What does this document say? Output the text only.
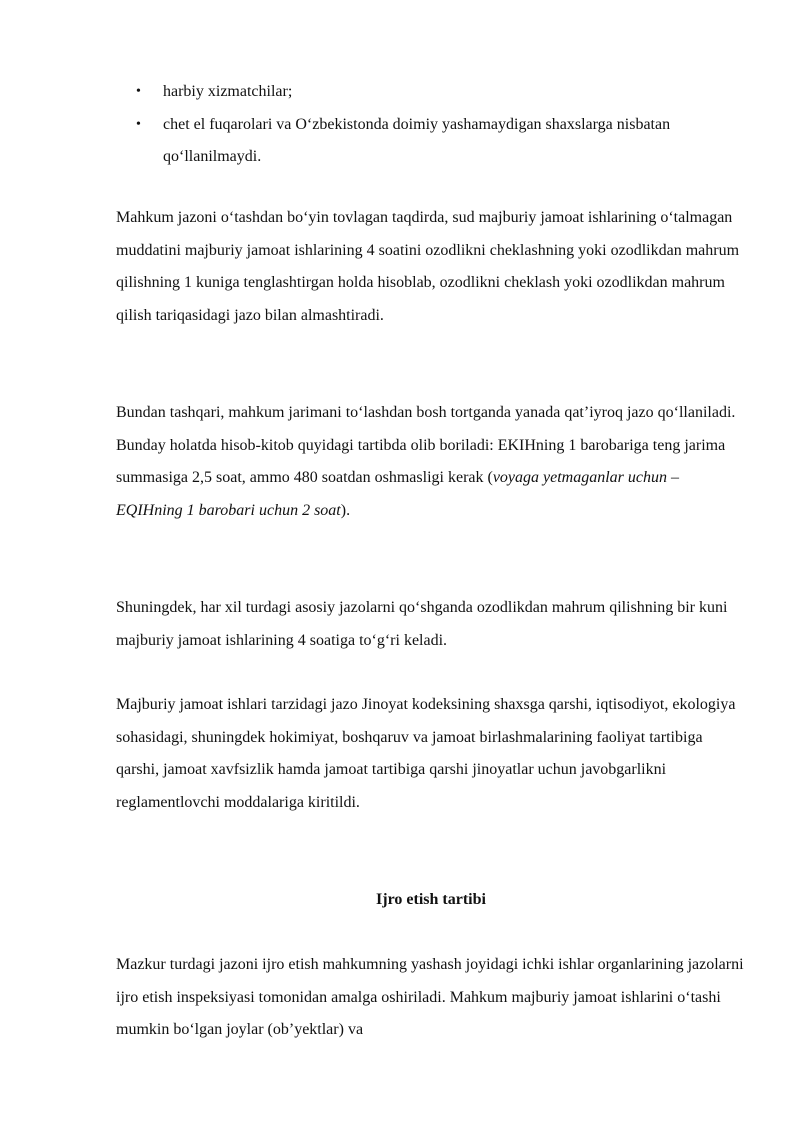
• harbiy xizmatchilar;
• chet el fuqarolari va O‘zbekistonda doimiy yashamaydigan shaxslarga nisbatan qo‘llanilmaydi.

Mahkum jazoni o‘tashdan bo‘yin tovlagan taqdirda, sud majburiy jamoat ishlarining o‘talmagan muddatini majburiy jamoat ishlarining 4 soatini ozodlikni cheklashning yoki ozodlikdan mahrum qilishning 1 kuniga tenglashtirgan holda hisoblab, ozodlikni cheklash yoki ozodlikdan mahrum qilish tariqasidagi jazo bilan almashtiradi.

Bundan tashqari, mahkum jarimani to‘lashdan bosh tortganda yanada qat’iyroq jazo qo‘llaniladi. Bunday holatda hisob-kitob quyidagi tartibda olib boriladi: EKIHning 1 barobariga teng jarima summasiga 2,5 soat, ammo 480 soatdan oshmasligi kerak (voyaga yetmaganlar uchun – EQIHning 1 barobari uchun 2 soat).

Shuningdek, har xil turdagi asosiy jazolarni qo‘shganda ozodlikdan mahrum qilishning bir kuni majburiy jamoat ishlarining 4 soatiga to‘g‘ri keladi.

Majburiy jamoat ishlari tarzidagi jazo Jinoyat kodeksining shaxsga qarshi, iqtisodiyot, ekologiya sohasidagi, shuningdek hokimiyat, boshqaruv va jamoat birlashmalarining faoliyat tartibiga qarshi, jamoat xavfsizlik hamda jamoat tartibiga qarshi jinoyatlar uchun javobgarlikni reglamentlovchi moddalariga kiritildi.

Ijro etish tartibi

Mazkur turdagi jazoni ijro etish mahkumning yashash joyidagi ichki ishlar organlarining jazolarni ijro etish inspeksiyasi tomonidan amalga oshiriladi. Mahkum majburiy jamoat ishlarini o‘tashi mumkin bo‘lgan joylar (ob’yektlar) va
